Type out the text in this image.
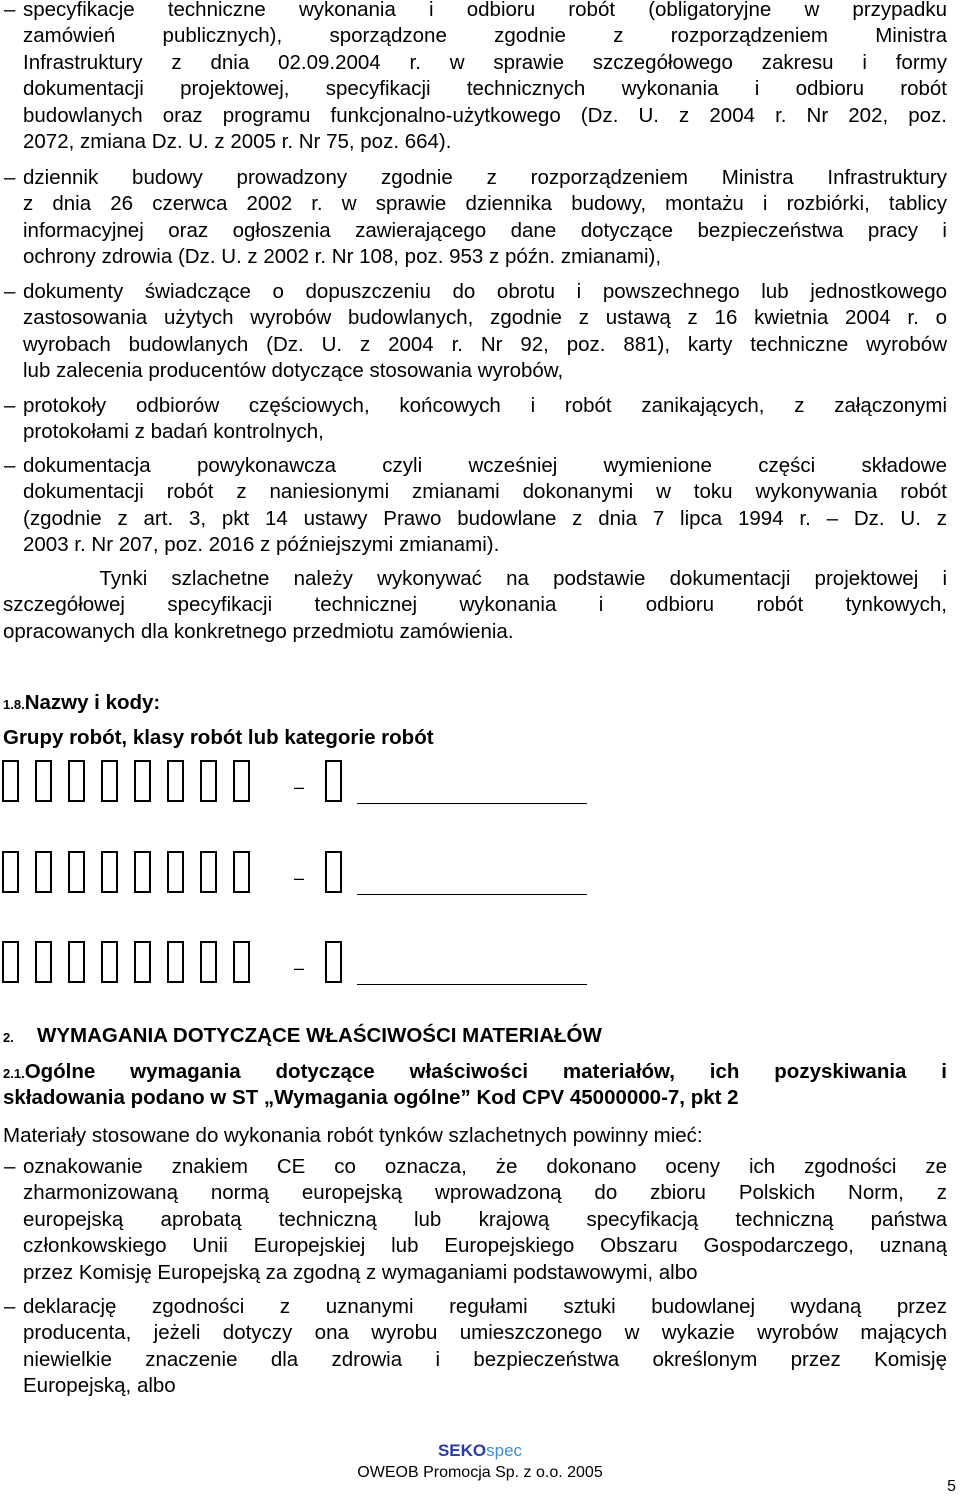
– specyfikacje techniczne wykonania i odbioru robót (obligatoryjne w przypadku
zamówień publicznych), sporządzone zgodnie z rozporządzeniem Ministra
Infrastruktury z dnia 02.09.2004 r. w sprawie szczegółowego zakresu i formy
dokumentacji projektowej, specyfikacji technicznych wykonania i odbioru robót
budowlanych oraz programu funkcjonalno-użytkowego (Dz. U. z 2004 r. Nr 202, poz.
2072, zmiana Dz. U. z 2005 r. Nr 75, poz. 664).
– dziennik budowy prowadzony zgodnie z rozporządzeniem Ministra Infrastruktury
z dnia 26 czerwca 2002 r. w sprawie dziennika budowy, montażu i rozbiórki, tablicy
informacyjnej oraz ogłoszenia zawierającego dane dotyczące bezpieczeństwa pracy i
ochrony zdrowia (Dz. U. z 2002 r. Nr 108, poz. 953 z późn. zmianami),
– dokumenty świadczące o dopuszczeniu do obrotu i powszechnego lub jednostkowego
zastosowania użytych wyrobów budowlanych, zgodnie z ustawą z 16 kwietnia 2004 r. o
wyrobach budowlanych (Dz. U. z 2004 r. Nr 92, poz. 881), karty techniczne wyrobów
lub zalecenia producentów dotyczące stosowania wyrobów,
– protokoły odbiorów częściowych, końcowych i robót zanikających, z załączonymi
protokołami z badań kontrolnych,
– dokumentacja powykonawcza czyli wcześniej wymienione części składowe
dokumentacji robót z naniesionymi zmianami dokonanymi w toku wykonywania robót
(zgodnie z art. 3, pkt 14 ustawy Prawo budowlane z dnia 7 lipca 1994 r. – Dz. U. z
2003 r. Nr 207, poz. 2016 z późniejszymi zmianami).
Tynki szlachetne należy wykonywać na podstawie dokumentacji projektowej i
szczegółowej specyfikacji technicznej wykonania i odbioru robót tynkowych,
opracowanych dla konkretnego przedmiotu zamówienia.
1.8.Nazwy i kody:
Grupy robót, klasy robót lub kategorie robót
–
–
–
2. WYMAGANIA DOTYCZĄCE WŁAŚCIWOŚCI MATERIAŁÓW
2.1.Ogólne wymagania dotyczące właściwości materiałów, ich pozyskiwania i
składowania podano w ST „Wymagania ogólne” Kod CPV 45000000-7, pkt 2
Materiały stosowane do wykonania robót tynków szlachetnych powinny mieć:
– oznakowanie znakiem CE co oznacza, że dokonano oceny ich zgodności ze
zharmonizowaną normą europejską wprowadzoną do zbioru Polskich Norm, z
europejską aprobatą techniczną lub krajową specyfikacją techniczną państwa
członkowskiego Unii Europejskiej lub Europejskiego Obszaru Gospodarczego, uznaną
przez Komisję Europejską za zgodną z wymaganiami podstawowymi, albo
– deklarację zgodności z uznanymi regułami sztuki budowlanej wydaną przez
producenta, jeżeli dotyczy ona wyrobu umieszczonego w wykazie wyrobów mających
niewielkie znaczenie dla zdrowia i bezpieczeństwa określonym przez Komisję
Europejską, albo
SEKOspec
OWEOB Promocja Sp. z o.o. 2005
5
